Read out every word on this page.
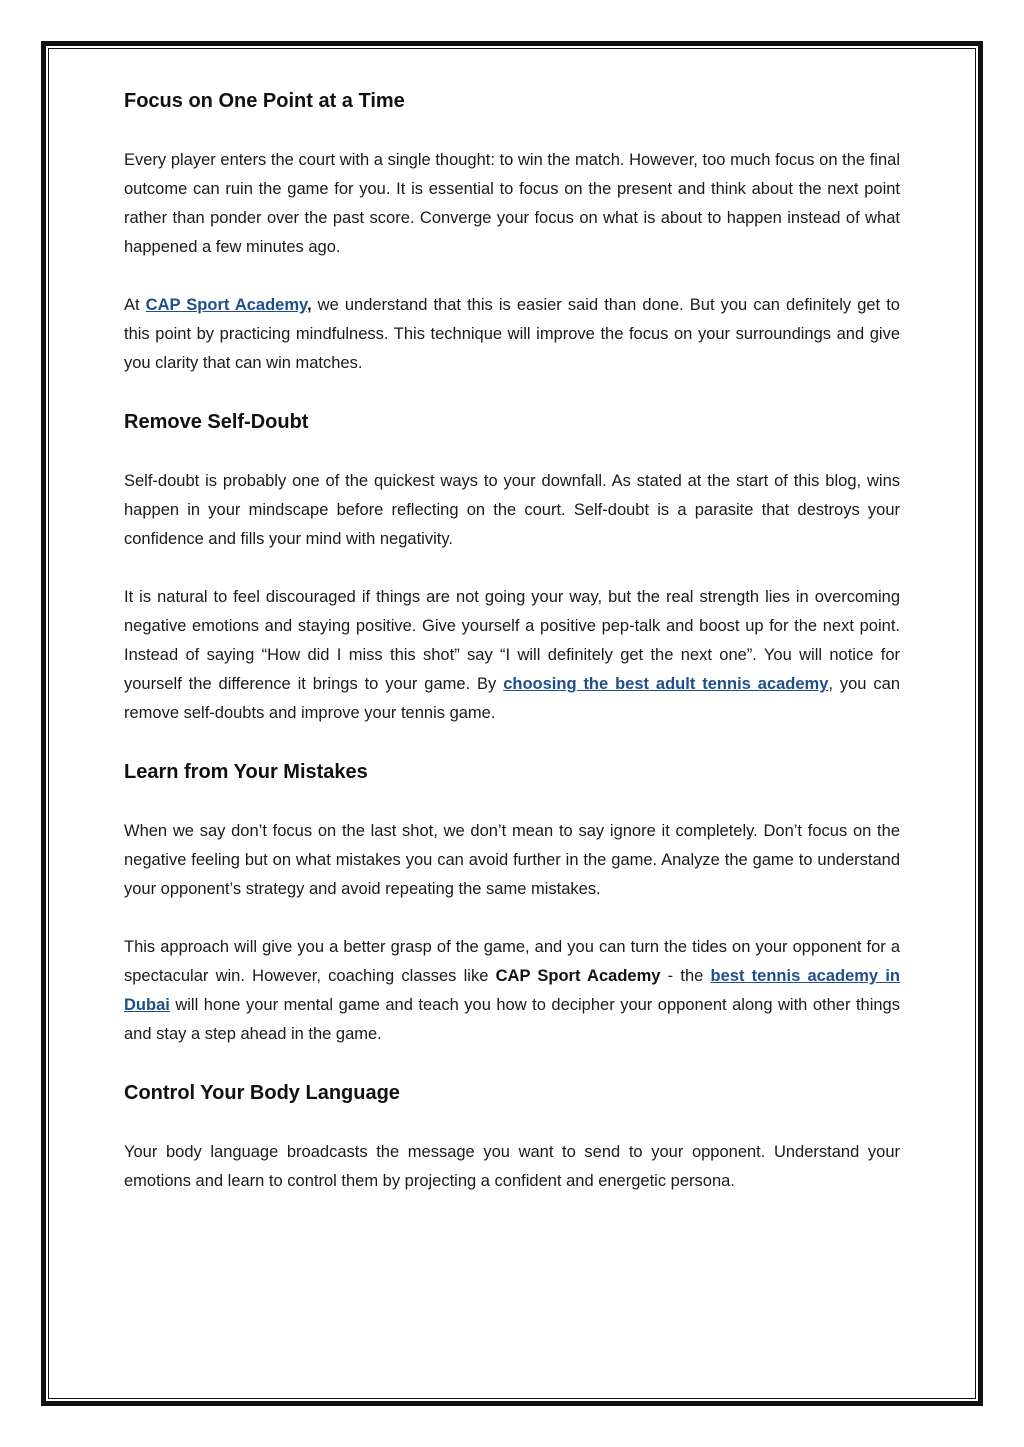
Focus on One Point at a Time

Every player enters the court with a single thought: to win the match. However, too much focus on the final outcome can ruin the game for you. It is essential to focus on the present and think about the next point rather than ponder over the past score. Converge your focus on what is about to happen instead of what happened a few minutes ago.

At CAP Sport Academy, we understand that this is easier said than done. But you can definitely get to this point by practicing mindfulness. This technique will improve the focus on your surroundings and give you clarity that can win matches.

Remove Self-Doubt

Self-doubt is probably one of the quickest ways to your downfall. As stated at the start of this blog, wins happen in your mindscape before reflecting on the court. Self-doubt is a parasite that destroys your confidence and fills your mind with negativity.

It is natural to feel discouraged if things are not going your way, but the real strength lies in overcoming negative emotions and staying positive. Give yourself a positive pep-talk and boost up for the next point. Instead of saying “How did I miss this shot” say “I will definitely get the next one”. You will notice for yourself the difference it brings to your game. By choosing the best adult tennis academy, you can remove self-doubts and improve your tennis game.

Learn from Your Mistakes

When we say don’t focus on the last shot, we don’t mean to say ignore it completely. Don’t focus on the negative feeling but on what mistakes you can avoid further in the game. Analyze the game to understand your opponent’s strategy and avoid repeating the same mistakes.

This approach will give you a better grasp of the game, and you can turn the tides on your opponent for a spectacular win. However, coaching classes like CAP Sport Academy - the best tennis academy in Dubai will hone your mental game and teach you how to decipher your opponent along with other things and stay a step ahead in the game.

Control Your Body Language

Your body language broadcasts the message you want to send to your opponent. Understand your emotions and learn to control them by projecting a confident and energetic persona.
